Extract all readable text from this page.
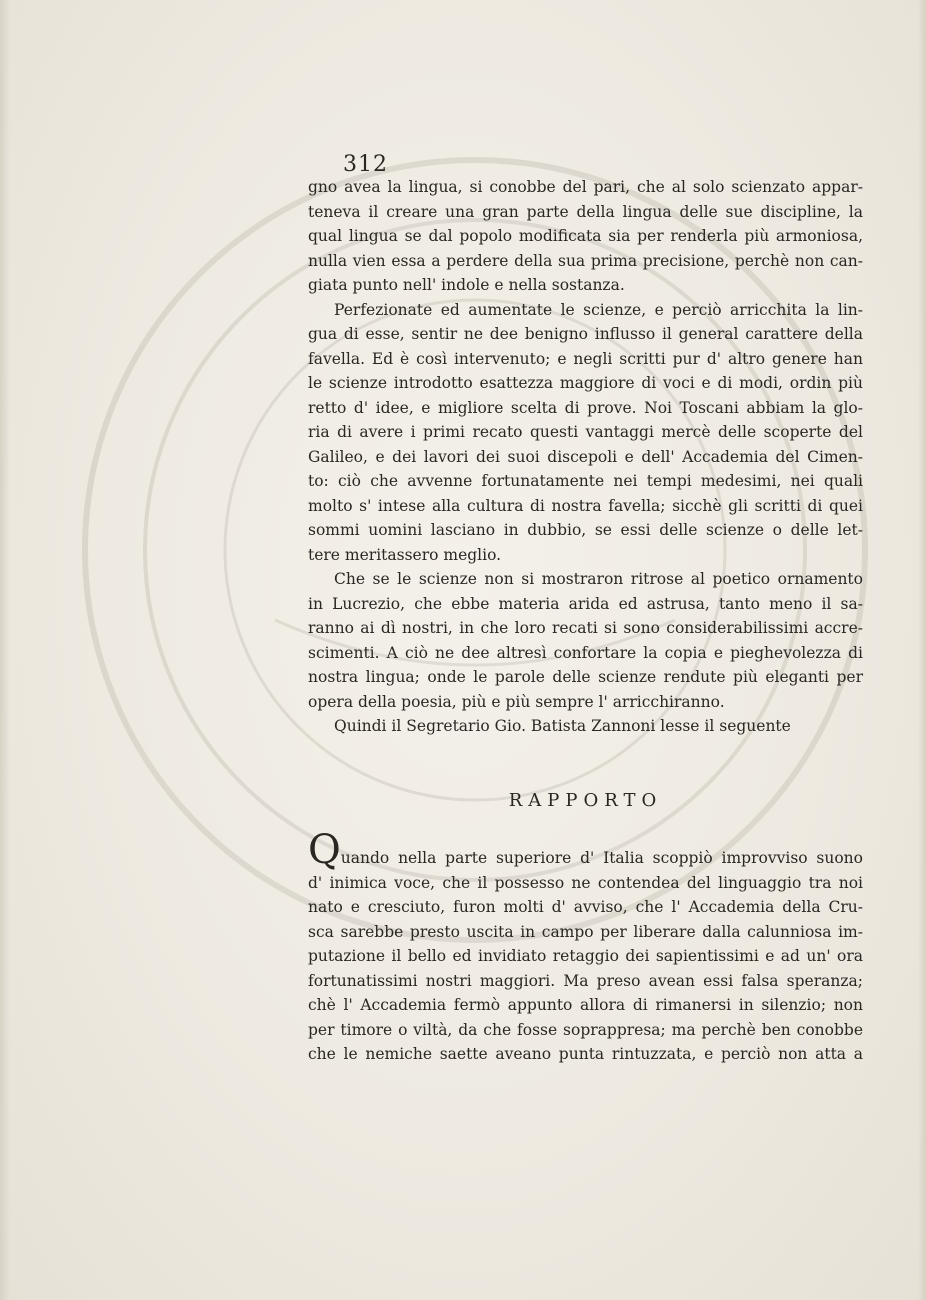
312
gno avea la lingua, si conobbe del pari, che al solo scienzato appar-
teneva il creare una gran parte della lingua delle sue discipline, la
qual lingua se dal popolo modificata sia per renderla più armoniosa,
nulla vien essa a perdere della sua prima precisione, perchè non can-
giata punto nell' indole e nella sostanza.
Perfezionate ed aumentate le scienze, e perciò arricchita la lin-
gua di esse, sentir ne dee benigno influsso il general carattere della
favella. Ed è così intervenuto; e negli scritti pur d' altro genere han
le scienze introdotto esattezza maggiore di voci e di modi, ordin più
retto d' idee, e migliore scelta di prove. Noi Toscani abbiam la glo-
ria di avere i primi recato questi vantaggi mercè delle scoperte del
Galileo, e dei lavori dei suoi discepoli e dell' Accademia del Cimen-
to: ciò che avvenne fortunatamente nei tempi medesimi, nei quali
molto s' intese alla cultura di nostra favella; sicchè gli scritti di quei
sommi uomini lasciano in dubbio, se essi delle scienze o delle let-
tere meritassero meglio.
Che se le scienze non si mostraron ritrose al poetico ornamento
in Lucrezio, che ebbe materia arida ed astrusa, tanto meno il sa-
ranno ai dì nostri, in che loro recati si sono considerabilissimi accre-
scimenti. A ciò ne dee altresì confortare la copia e pieghevolezza di
nostra lingua; onde le parole delle scienze rendute più eleganti per
opera della poesia, più e più sempre l' arricchiranno.
Quindi il Segretario Gio. Batista Zannoni lesse il seguente
RAPPORTO
Quando nella parte superiore d' Italia scoppiò improvviso suono
d' inimica voce, che il possesso ne contendea del linguaggio tra noi
nato e cresciuto, furon molti d' avviso, che l' Accademia della Cru-
sca sarebbe presto uscita in campo per liberare dalla calunniosa im-
putazione il bello ed invidiato retaggio dei sapientissimi e ad un' ora
fortunatissimi nostri maggiori. Ma preso avean essi falsa speranza;
chè l' Accademia fermò appunto allora di rimanersi in silenzio; non
per timore o viltà, da che fosse soprappresa; ma perchè ben conobbe
che le nemiche saette aveano punta rintuzzata, e perciò non atta a
